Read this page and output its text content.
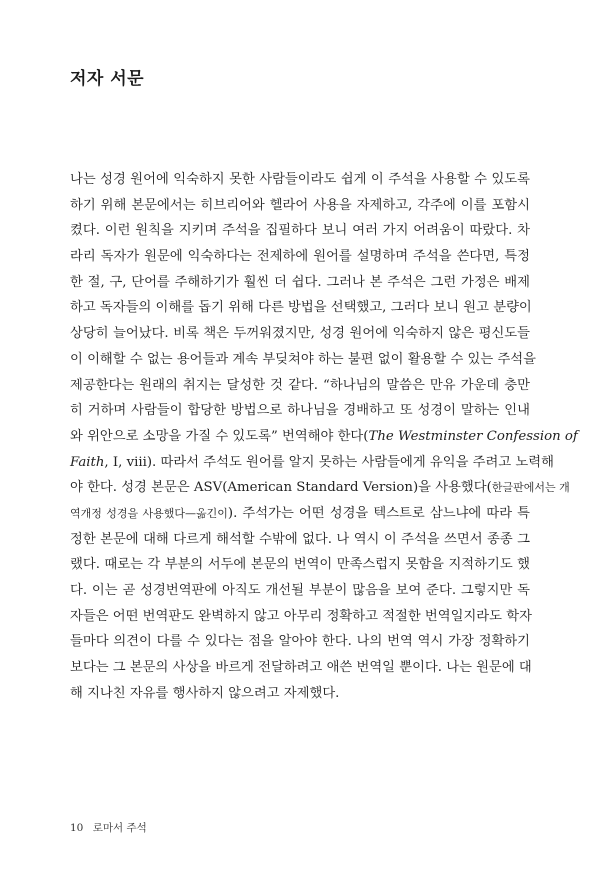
저자 서문
나는 성경 원어에 익숙하지 못한 사람들이라도 쉽게 이 주석을 사용할 수 있도록
하기 위해 본문에서는 히브리어와 헬라어 사용을 자제하고, 각주에 이를 포함시
켰다. 이런 원칙을 지키며 주석을 집필하다 보니 여러 가지 어려움이 따랐다. 차
라리 독자가 원문에 익숙하다는 전제하에 원어를 설명하며 주석을 쓴다면, 특정
한 절, 구, 단어를 주해하기가 훨씬 더 쉽다. 그러나 본 주석은 그런 가정은 배제
하고 독자들의 이해를 돕기 위해 다른 방법을 선택했고, 그러다 보니 원고 분량이
상당히 늘어났다. 비록 책은 두꺼워졌지만, 성경 원어에 익숙하지 않은 평신도들
이 이해할 수 없는 용어들과 계속 부딪쳐야 하는 불편 없이 활용할 수 있는 주석을
제공한다는 원래의 취지는 달성한 것 같다. “하나님의 말씀은 만유 가운데 충만
히 거하며 사람들이 합당한 방법으로 하나님을 경배하고 또 성경이 말하는 인내
와 위안으로 소망을 가질 수 있도록” 번역해야 한다(The Westminster Confession of
Faith, I, viii). 따라서 주석도 원어를 알지 못하는 사람들에게 유익을 주려고 노력해
야 한다. 성경 본문은 ASV(American Standard Version)을 사용했다(한글판에서는 개
역개정 성경을 사용했다—옮긴이). 주석가는 어떤 성경을 텍스트로 삼느냐에 따라 특
정한 본문에 대해 다르게 해석할 수밖에 없다. 나 역시 이 주석을 쓰면서 종종 그
랬다. 때로는 각 부분의 서두에 본문의 번역이 만족스럽지 못함을 지적하기도 했
다. 이는 곧 성경번역판에 아직도 개선될 부분이 많음을 보여 준다. 그렇지만 독
자들은 어떤 번역판도 완벽하지 않고 아무리 정확하고 적절한 번역일지라도 학자
들마다 의견이 다를 수 있다는 점을 알아야 한다. 나의 번역 역시 가장 정확하기
보다는 그 본문의 사상을 바르게 전달하려고 애쓴 번역일 뿐이다. 나는 원문에 대
해 지나친 자유를 행사하지 않으려고 자제했다.
10 로마서 주석
